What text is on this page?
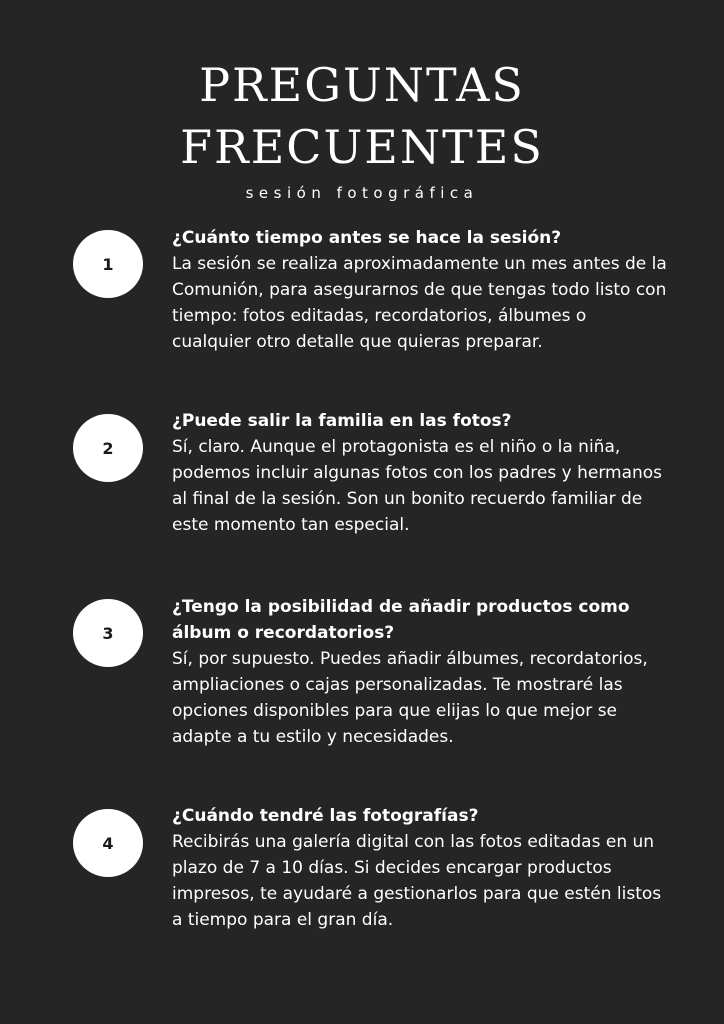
PREGUNTAS
FRECUENTES
sesión fotográfica
1
¿Cuánto tiempo antes se hace la sesión?
La sesión se realiza aproximadamente un mes antes de la Comunión, para asegurarnos de que tengas todo listo con tiempo: fotos editadas, recordatorios, álbumes o cualquier otro detalle que quieras preparar.
2
¿Puede salir la familia en las fotos?
Sí, claro. Aunque el protagonista es el niño o la niña, podemos incluir algunas fotos con los padres y hermanos al final de la sesión. Son un bonito recuerdo familiar de este momento tan especial.
3
¿Tengo la posibilidad de añadir productos como álbum o recordatorios?
Sí, por supuesto. Puedes añadir álbumes, recordatorios, ampliaciones o cajas personalizadas. Te mostraré las opciones disponibles para que elijas lo que mejor se adapte a tu estilo y necesidades.
4
¿Cuándo tendré las fotografías?
Recibirás una galería digital con las fotos editadas en un plazo de 7 a 10 días. Si decides encargar productos impresos, te ayudaré a gestionarlos para que estén listos a tiempo para el gran día.
